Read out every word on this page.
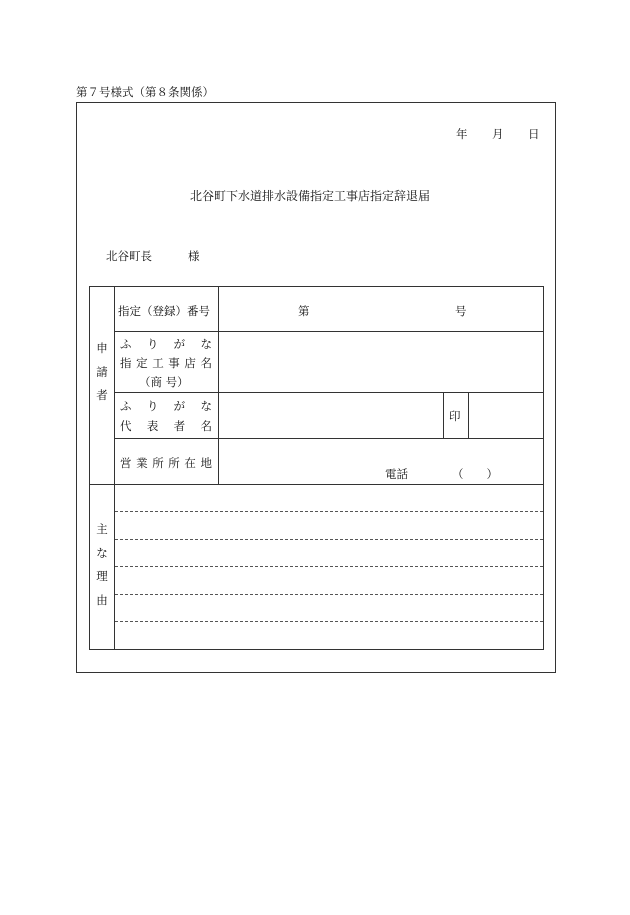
第７号様式（第８条関係）
年 月 日
北谷町下水道排水設備指定工事店指定辞退届
北谷町長	様
申
請
者
指定（登録）番号	第	号
ふ り が な
指 定 工 事 店 名
（商 号）
ふ り が な
代 表 者 名
印
営 業 所 所 在 地
電話	（　　）
主
な
理
由
